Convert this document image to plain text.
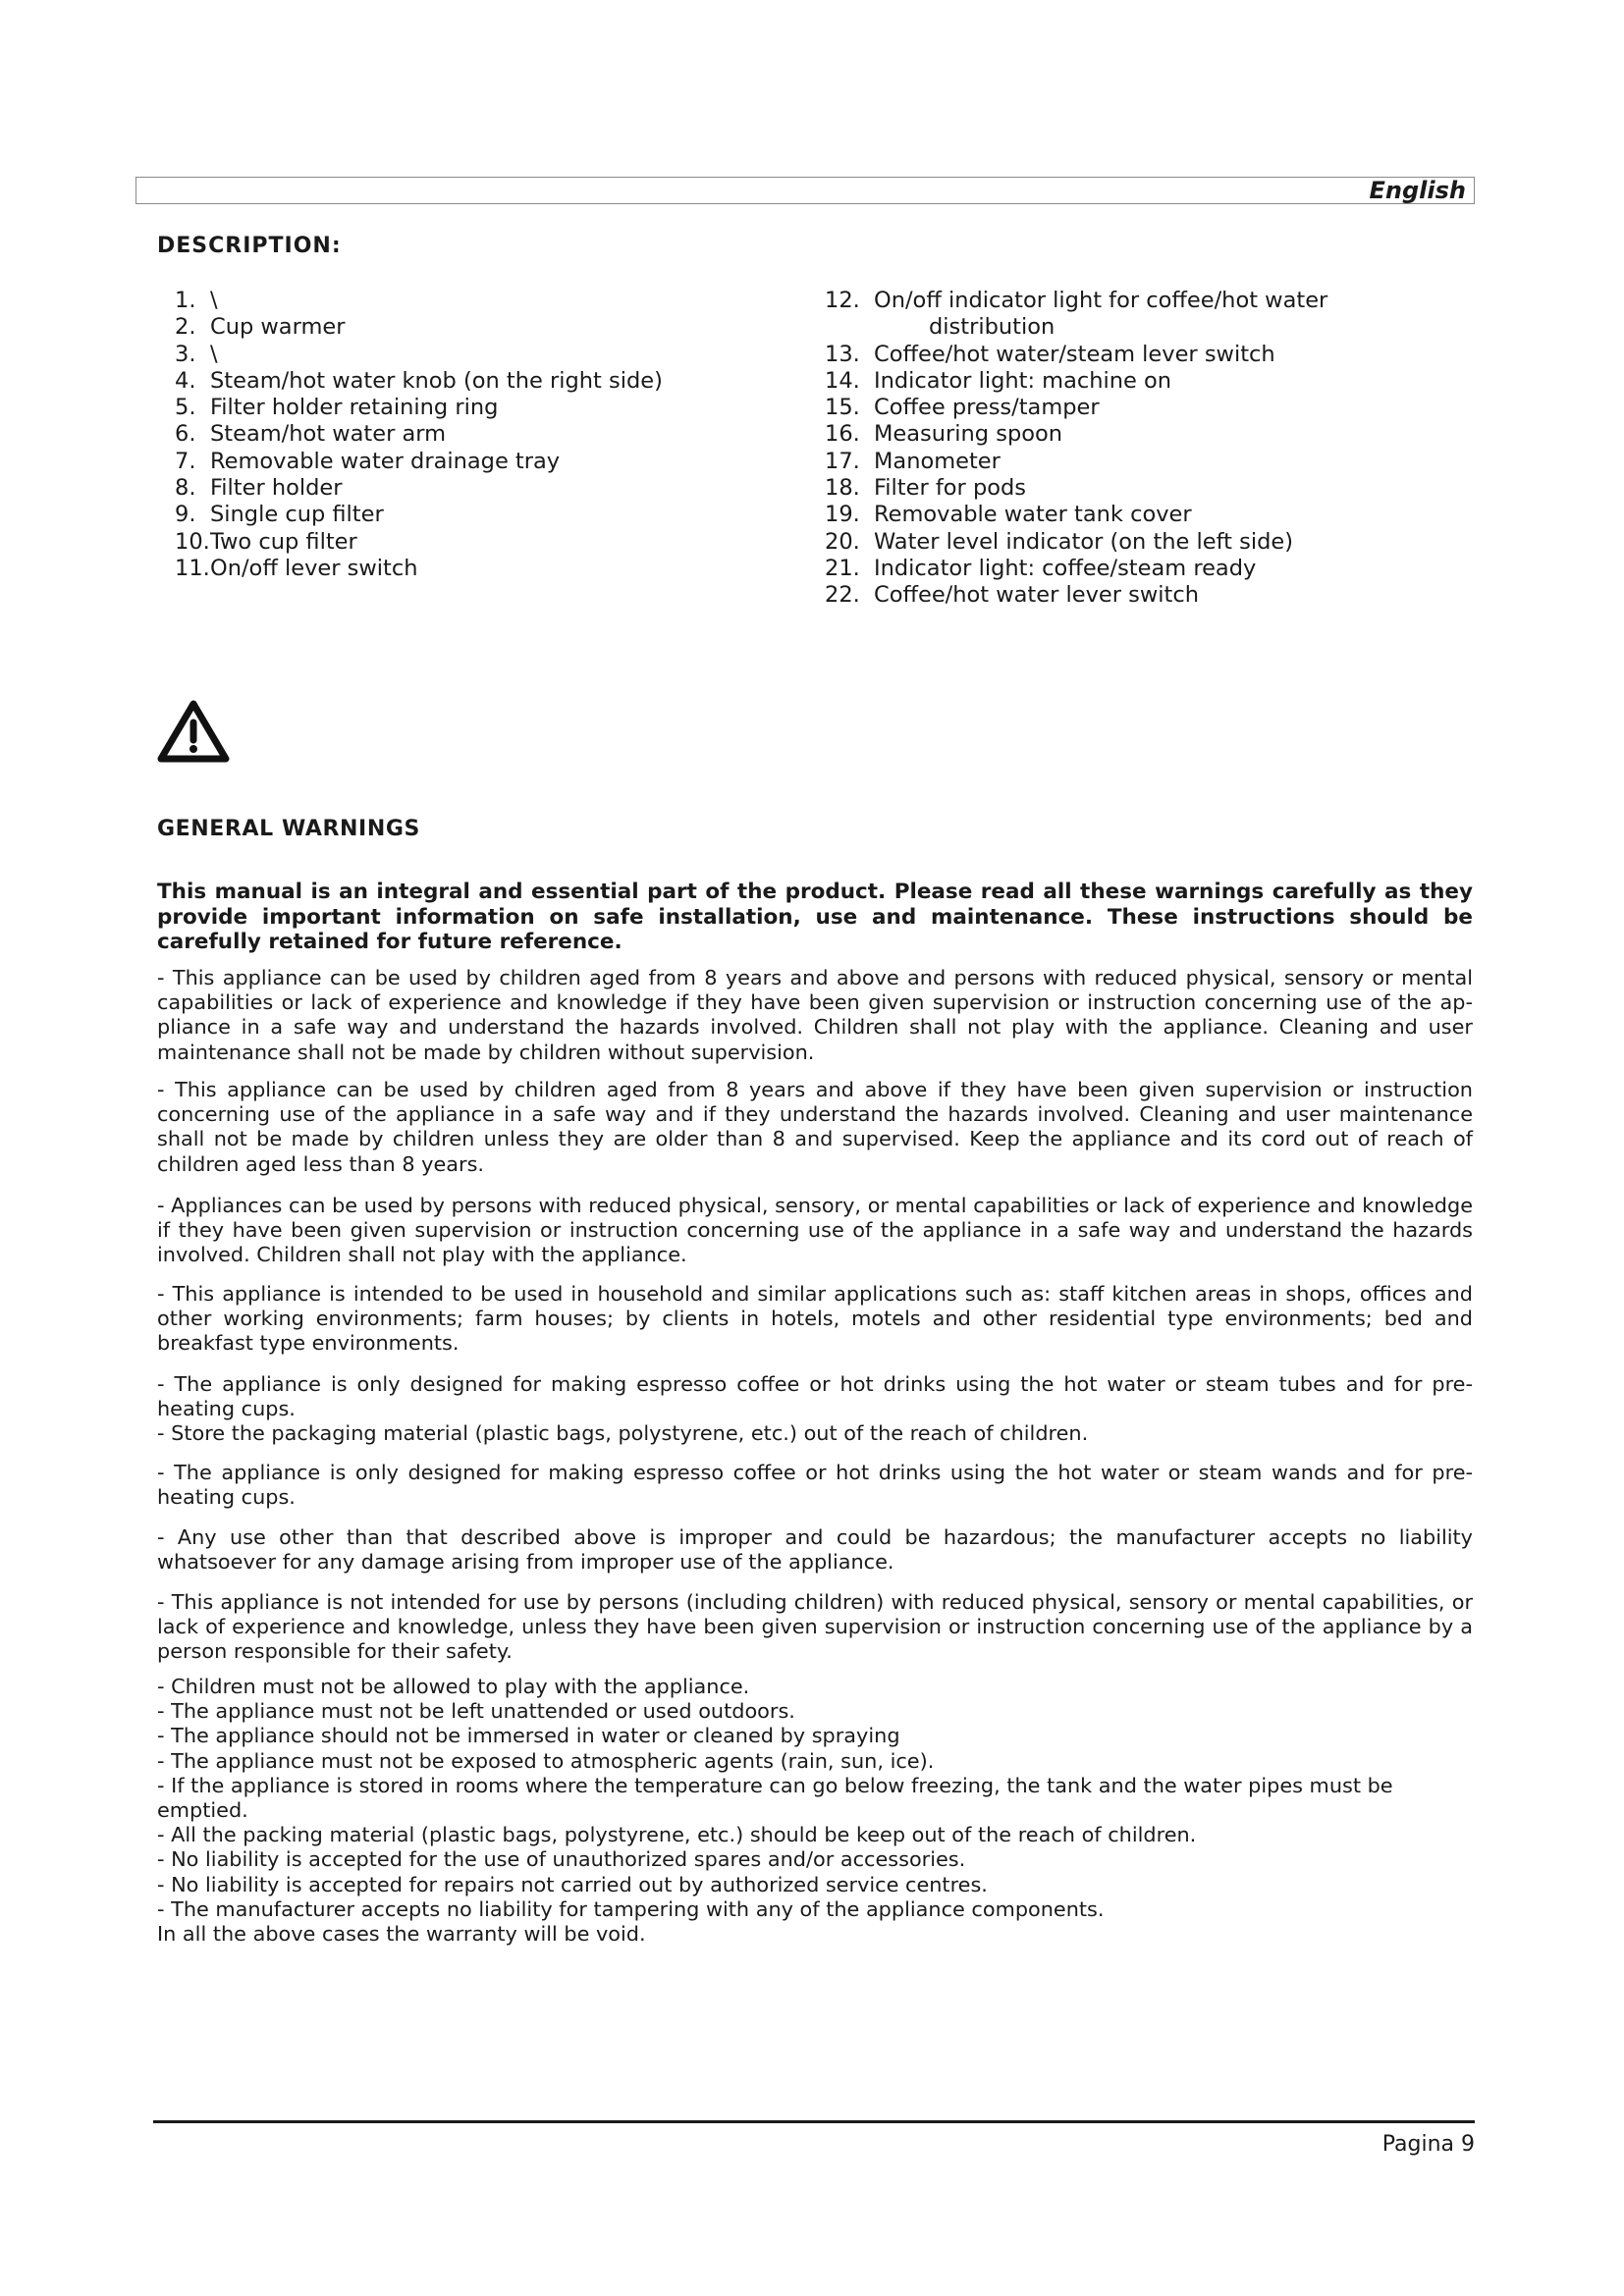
English
DESCRIPTION:
1. \
2. Cup warmer
3. \
4. Steam/hot water knob (on the right side)
5. Filter holder retaining ring
6. Steam/hot water arm
7. Removable water drainage tray
8. Filter holder
9. Single cup filter
10. Two cup filter
11. On/off lever switch
12. On/off indicator light for coffee/hot water
distribution
13. Coffee/hot water/steam lever switch
14. Indicator light: machine on
15. Coffee press/tamper
16. Measuring spoon
17. Manometer
18. Filter for pods
19. Removable water tank cover
20. Water level indicator (on the left side)
21. Indicator light: coffee/steam ready
22. Coffee/hot water lever switch
GENERAL WARNINGS
This manual is an integral and essential part of the product. Please read all these warnings carefully as they provide important information on safe installation, use and maintenance. These instructions should be carefully retained for future reference.
- This appliance can be used by children aged from 8 years and above and persons with reduced physical, sensory or mental capabilities or lack of experience and knowledge if they have been given supervision or instruction concerning use of the ap-pliance in a safe way and understand the hazards involved. Children shall not play with the appliance. Cleaning and user maintenance shall not be made by children without supervision.
- This appliance can be used by children aged from 8 years and above if they have been given supervision or instruction concerning use of the appliance in a safe way and if they understand the hazards involved. Cleaning and user maintenance shall not be made by children unless they are older than 8 and supervised. Keep the appliance and its cord out of reach of children aged less than 8 years.
- Appliances can be used by persons with reduced physical, sensory, or mental capabilities or lack of experience and knowledge if they have been given supervision or instruction concerning use of the appliance in a safe way and understand the hazards involved. Children shall not play with the appliance.
- This appliance is intended to be used in household and similar applications such as: staff kitchen areas in shops, offices and other working environments; farm houses; by clients in hotels, motels and other residential type environments; bed and breakfast type environments.
- The appliance is only designed for making espresso coffee or hot drinks using the hot water or steam tubes and for pre-heating cups.
- Store the packaging material (plastic bags, polystyrene, etc.) out of the reach of children.
- The appliance is only designed for making espresso coffee or hot drinks using the hot water or steam wands and for pre-heating cups.
- Any use other than that described above is improper and could be hazardous; the manufacturer accepts no liability whatsoever for any damage arising from improper use of the appliance.
- This appliance is not intended for use by persons (including children) with reduced physical, sensory or mental capabilities, or lack of experience and knowledge, unless they have been given supervision or instruction concerning use of the appliance by a person responsible for their safety.

- Children must not be allowed to play with the appliance.

- The appliance must not be left unattended or used outdoors.

- The appliance should not be immersed in water or cleaned by spraying

- The appliance must not be exposed to atmospheric agents (rain, sun, ice).

- If the appliance is stored in rooms where the temperature can go below freezing, the tank and the water pipes must be emptied.

- All the packing material (plastic bags, polystyrene, etc.) should be keep out of the reach of children.

- No liability is accepted for the use of unauthorized spares and/or accessories.

- No liability is accepted for repairs not carried out by authorized service centres.

- The manufacturer accepts no liability for tampering with any of the appliance components.

In all the above cases the warranty will be void.

Pagina 9
